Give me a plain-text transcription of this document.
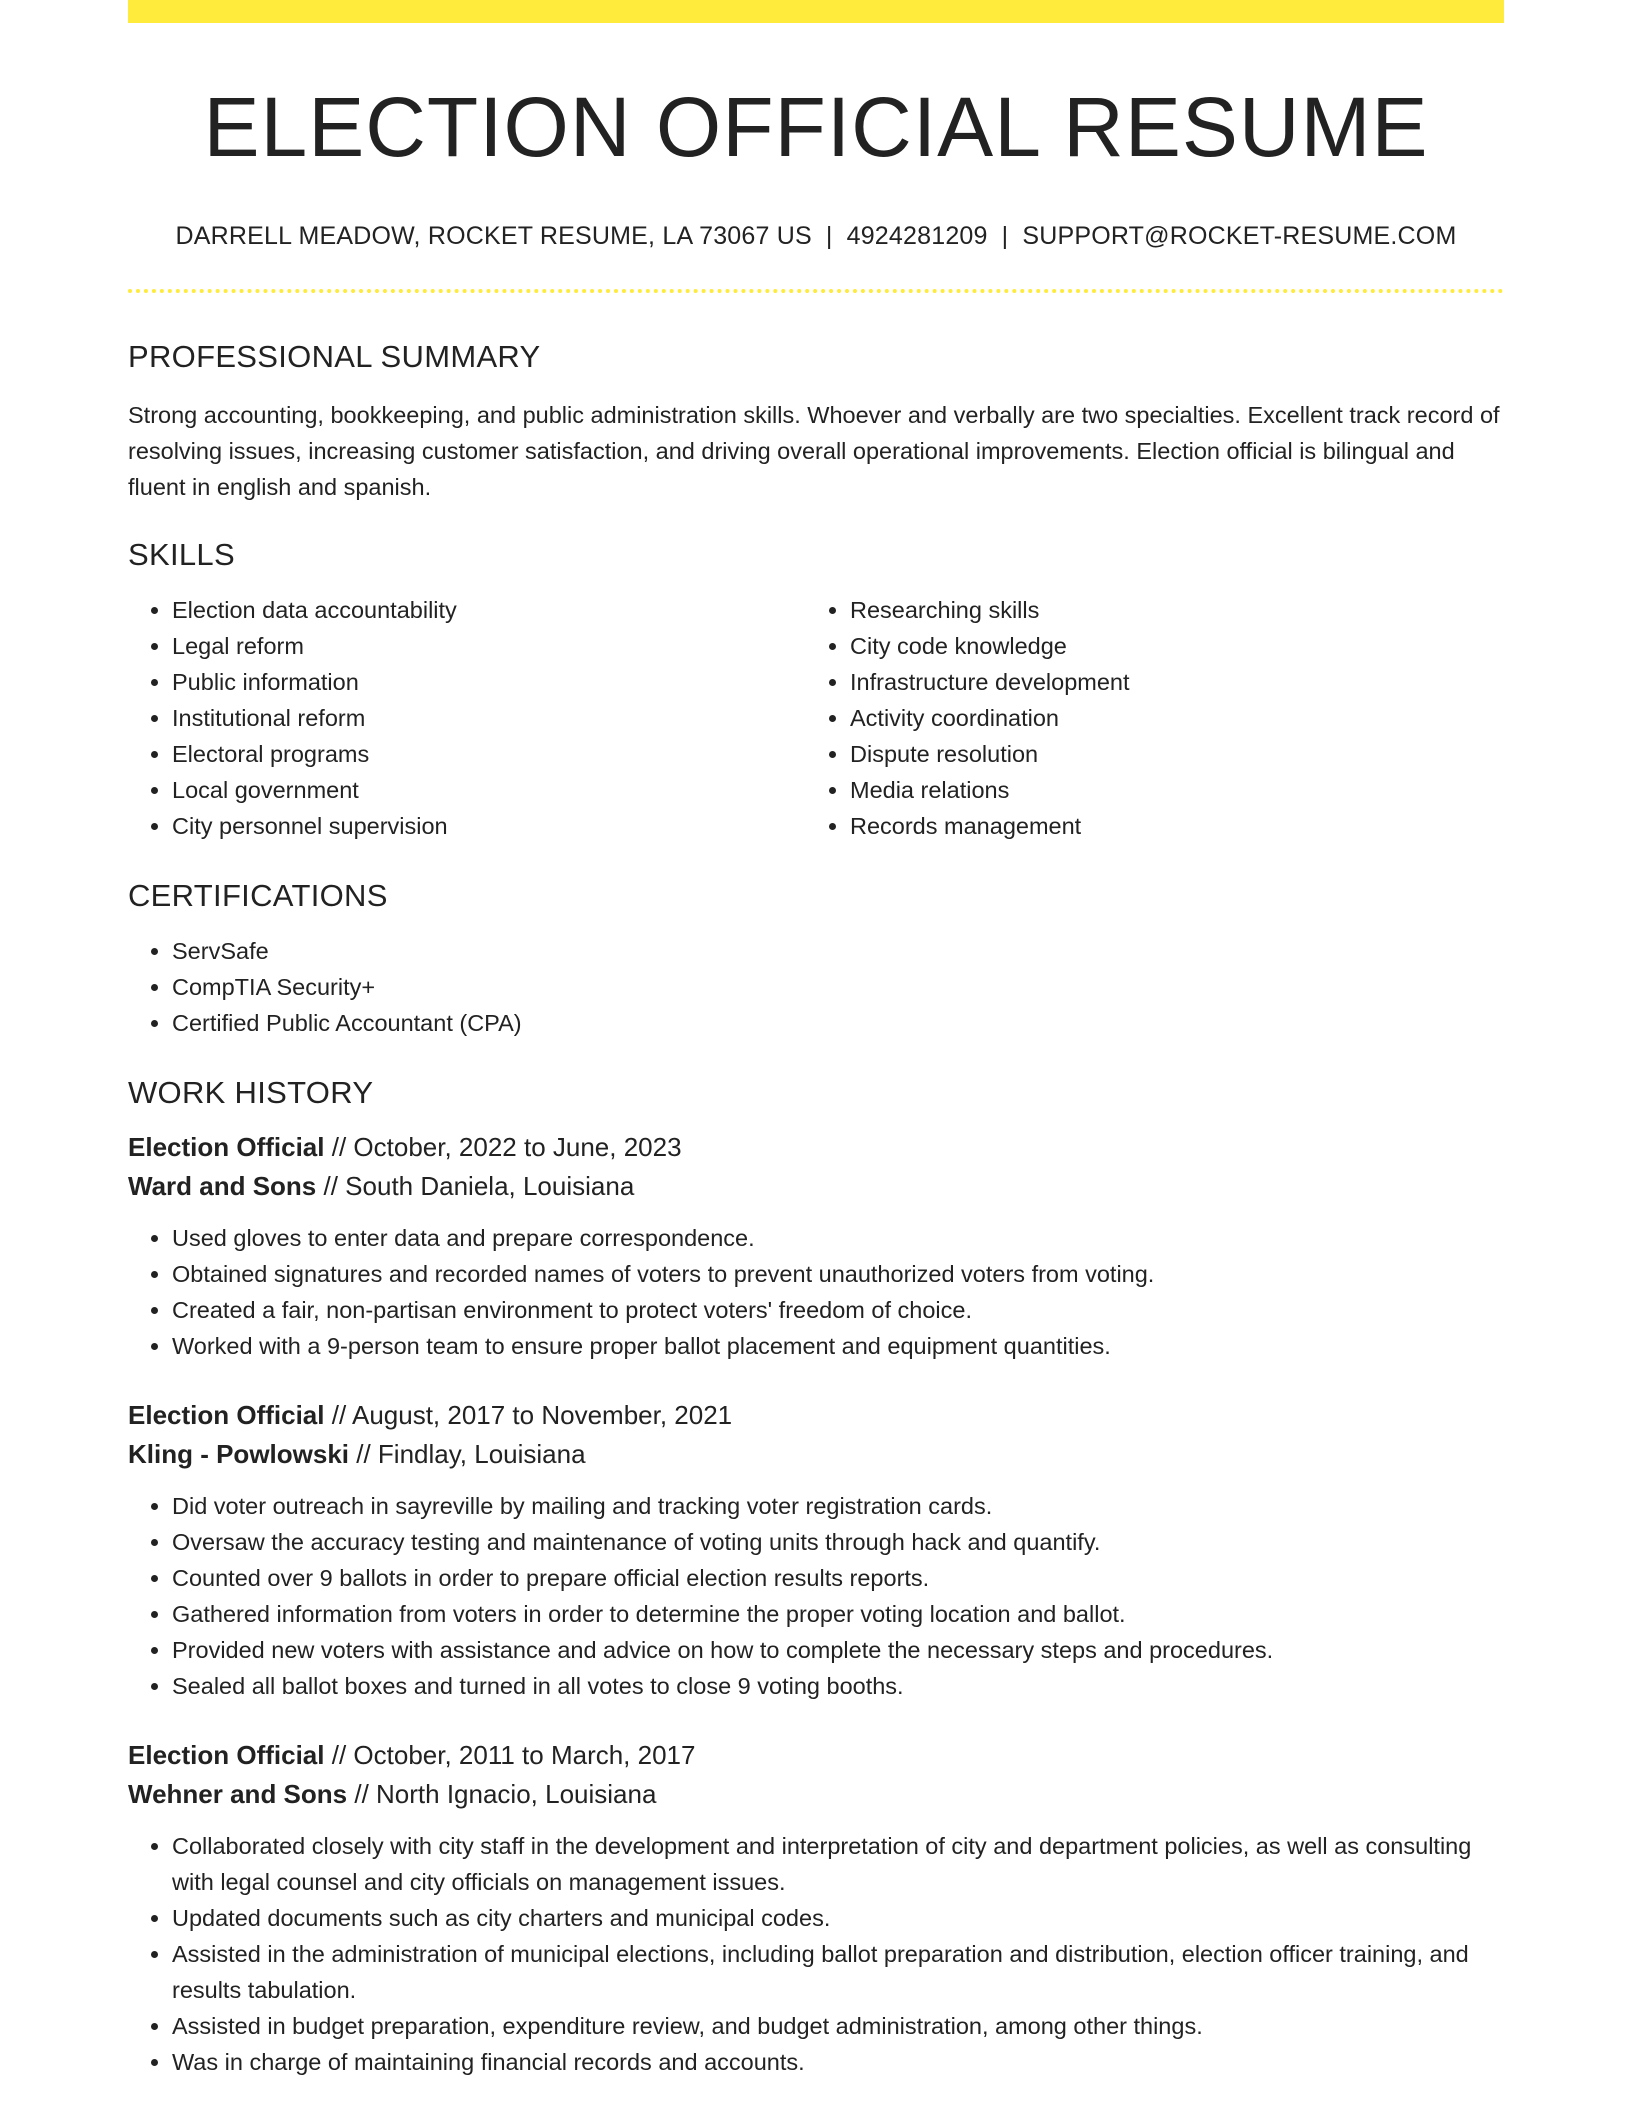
ELECTION OFFICIAL RESUME
DARRELL MEADOW, ROCKET RESUME, LA 73067 US | 4924281209 | SUPPORT@ROCKET-RESUME.COM
PROFESSIONAL SUMMARY
Strong accounting, bookkeeping, and public administration skills. Whoever and verbally are two specialties. Excellent track record of resolving issues, increasing customer satisfaction, and driving overall operational improvements. Election official is bilingual and fluent in english and spanish.
SKILLS
• Election data accountability
• Legal reform
• Public information
• Institutional reform
• Electoral programs
• Local government
• City personnel supervision
• Researching skills
• City code knowledge
• Infrastructure development
• Activity coordination
• Dispute resolution
• Media relations
• Records management
CERTIFICATIONS
• ServSafe
• CompTIA Security+
• Certified Public Accountant (CPA)
WORK HISTORY
Election Official // October, 2022 to June, 2023
Ward and Sons // South Daniela, Louisiana
• Used gloves to enter data and prepare correspondence.
• Obtained signatures and recorded names of voters to prevent unauthorized voters from voting.
• Created a fair, non-partisan environment to protect voters' freedom of choice.
• Worked with a 9-person team to ensure proper ballot placement and equipment quantities.
Election Official // August, 2017 to November, 2021
Kling - Powlowski // Findlay, Louisiana
• Did voter outreach in sayreville by mailing and tracking voter registration cards.
• Oversaw the accuracy testing and maintenance of voting units through hack and quantify.
• Counted over 9 ballots in order to prepare official election results reports.
• Gathered information from voters in order to determine the proper voting location and ballot.
• Provided new voters with assistance and advice on how to complete the necessary steps and procedures.
• Sealed all ballot boxes and turned in all votes to close 9 voting booths.
Election Official // October, 2011 to March, 2017
Wehner and Sons // North Ignacio, Louisiana
• Collaborated closely with city staff in the development and interpretation of city and department policies, as well as consulting with legal counsel and city officials on management issues.
• Updated documents such as city charters and municipal codes.
• Assisted in the administration of municipal elections, including ballot preparation and distribution, election officer training, and results tabulation.
• Assisted in budget preparation, expenditure review, and budget administration, among other things.
• Was in charge of maintaining financial records and accounts.
